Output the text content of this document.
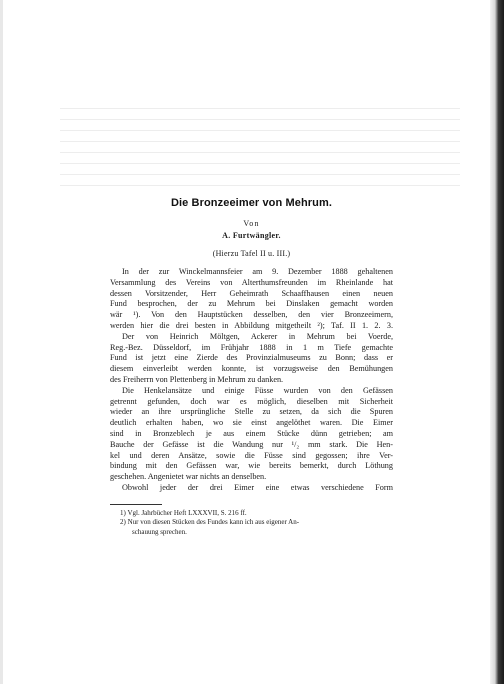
Die Bronzeeimer von Mehrum.
Von
A. Furtwängler.
(Hierzu Tafel II u. III.)
In der zur Winckelmannsfeier am 9. Dezember 1888 gehaltenen
Versammlung des Vereins von Alterthumsfreunden im Rheinlande hat
dessen Vorsitzender, Herr Geheimrath Schaaffhausen einen neuen
Fund besprochen, der zu Mehrum bei Dinslaken gemacht worden
wär ¹). Von den Hauptstücken desselben, den vier Bronzeeimern,
werden hier die drei besten in Abbildung mitgetheilt ²); Taf. II 1. 2. 3.
Der von Heinrich Möltgen, Ackerer in Mehrum bei Voerde,
Reg.-Bez. Düsseldorf, im Frühjahr 1888 in 1 m Tiefe gemachte
Fund ist jetzt eine Zierde des Provinzialmuseums zu Bonn; dass er
diesem einverleibt werden konnte, ist vorzugsweise den Bemühungen
des Freiherrn von Plettenberg in Mehrum zu danken.
Die Henkelansätze und einige Füsse wurden von den Gefässen
getrennt gefunden, doch war es möglich, dieselben mit Sicherheit
wieder an ihre ursprüngliche Stelle zu setzen, da sich die Spuren
deutlich erhalten haben, wo sie einst angelöthet waren. Die Eimer
sind in Bronzeblech je aus einem Stücke dünn getrieben; am
Bauche der Gefässe ist die Wandung nur ¹/₂ mm stark. Die Hen-
kel und deren Ansätze, sowie die Füsse sind gegossen; ihre Ver-
bindung mit den Gefässen war, wie bereits bemerkt, durch Löthung
geschehen. Angenietet war nichts an denselben.
Obwohl jeder der drei Eimer eine etwas verschiedene Form
1) Vgl. Jahrbücher Heft LXXXVII, S. 216 ff.
2) Nur von diesen Stücken des Fundes kann ich aus eigener An-
schauung sprechen.
